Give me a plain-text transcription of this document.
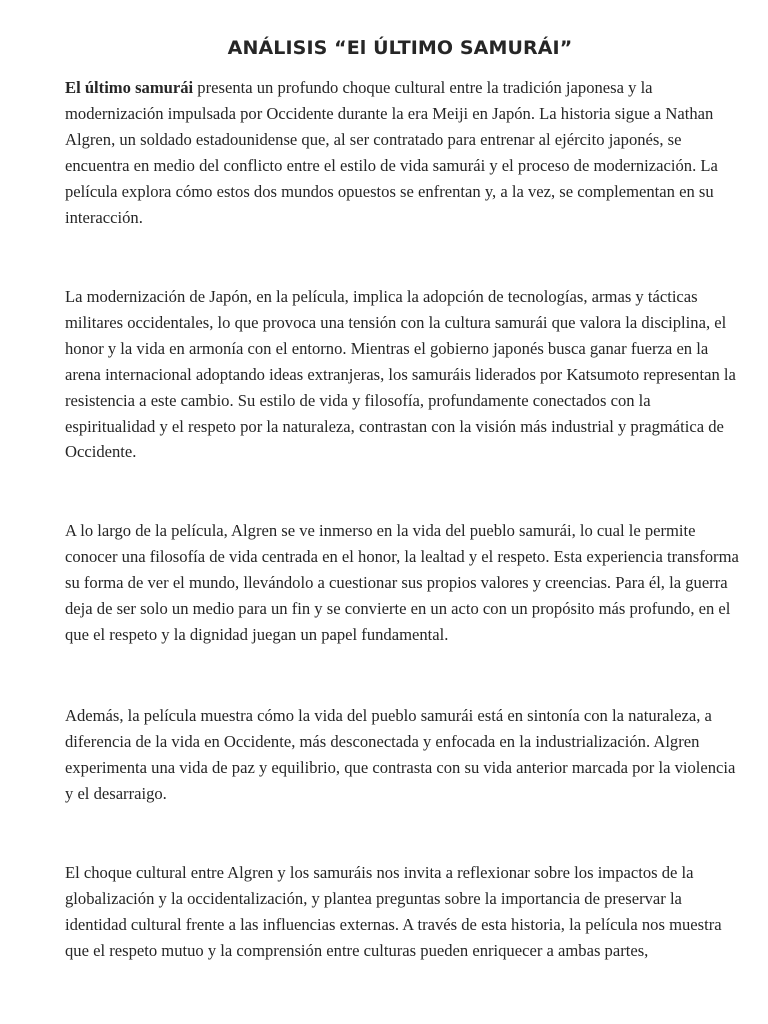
ANÁLISIS “El ÚLTIMO SAMURÁI”

El último samurái presenta un profundo choque cultural entre la tradición japonesa y la modernización impulsada por Occidente durante la era Meiji en Japón. La historia sigue a Nathan Algren, un soldado estadounidense que, al ser contratado para entrenar al ejército japonés, se encuentra en medio del conflicto entre el estilo de vida samurái y el proceso de modernización. La película explora cómo estos dos mundos opuestos se enfrentan y, a la vez, se complementan en su interacción.

La modernización de Japón, en la película, implica la adopción de tecnologías, armas y tácticas militares occidentales, lo que provoca una tensión con la cultura samurái que valora la disciplina, el honor y la vida en armonía con el entorno. Mientras el gobierno japonés busca ganar fuerza en la arena internacional adoptando ideas extranjeras, los samuráis liderados por Katsumoto representan la resistencia a este cambio. Su estilo de vida y filosofía, profundamente conectados con la espiritualidad y el respeto por la naturaleza, contrastan con la visión más industrial y pragmática de Occidente.

A lo largo de la película, Algren se ve inmerso en la vida del pueblo samurái, lo cual le permite conocer una filosofía de vida centrada en el honor, la lealtad y el respeto. Esta experiencia transforma su forma de ver el mundo, llevándolo a cuestionar sus propios valores y creencias. Para él, la guerra deja de ser solo un medio para un fin y se convierte en un acto con un propósito más profundo, en el que el respeto y la dignidad juegan un papel fundamental.

Además, la película muestra cómo la vida del pueblo samurái está en sintonía con la naturaleza, a diferencia de la vida en Occidente, más desconectada y enfocada en la industrialización. Algren experimenta una vida de paz y equilibrio, que contrasta con su vida anterior marcada por la violencia y el desarraigo.

El choque cultural entre Algren y los samuráis nos invita a reflexionar sobre los impactos de la globalización y la occidentalización, y plantea preguntas sobre la importancia de preservar la identidad cultural frente a las influencias externas. A través de esta historia, la película nos muestra que el respeto mutuo y la comprensión entre culturas pueden enriquecer a ambas partes,
